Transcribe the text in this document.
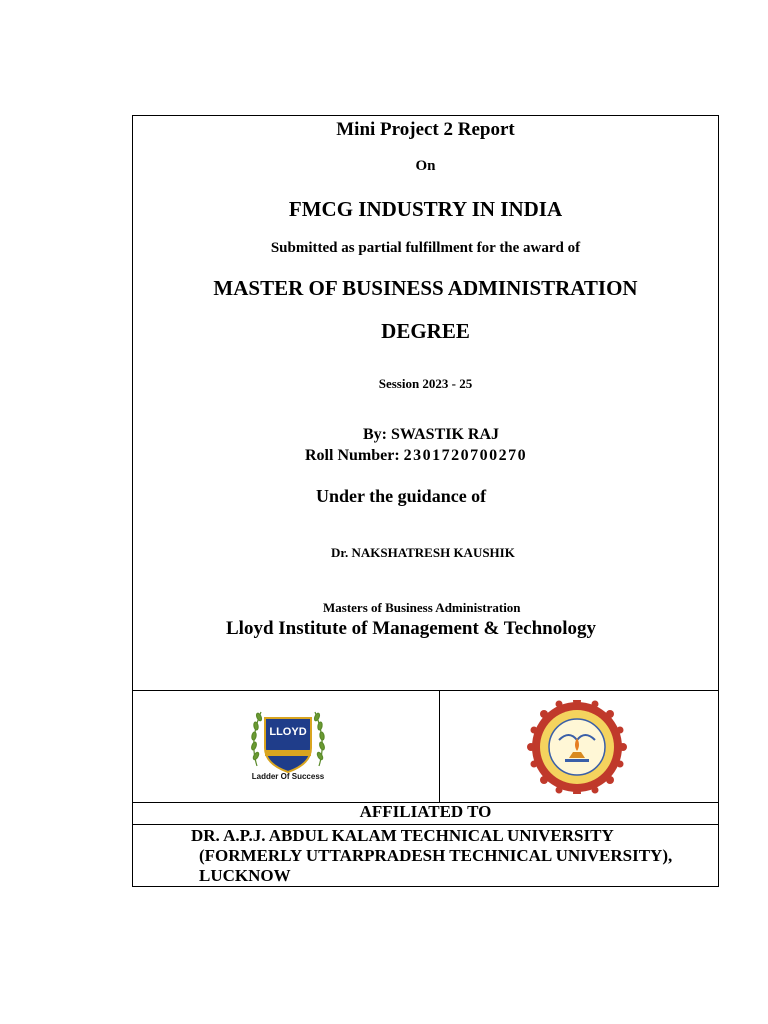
Mini Project 2 Report
On
FMCG INDUSTRY IN INDIA
Submitted as partial fulfillment for the award of
MASTER OF BUSINESS ADMINISTRATION
DEGREE
Session 2023 - 25
By: SWASTIK RAJ
Roll Number: 2301720700270
Under the guidance of
Dr. NAKSHATRESH KAUSHIK
Masters of Business Administration
Lloyd Institute of Management & Technology
LLOYD
Ladder Of Success
AFFILIATED TO
DR. A.P.J. ABDUL KALAM TECHNICAL UNIVERSITY
(FORMERLY UTTARPRADESH TECHNICAL UNIVERSITY),
LUCKNOW
